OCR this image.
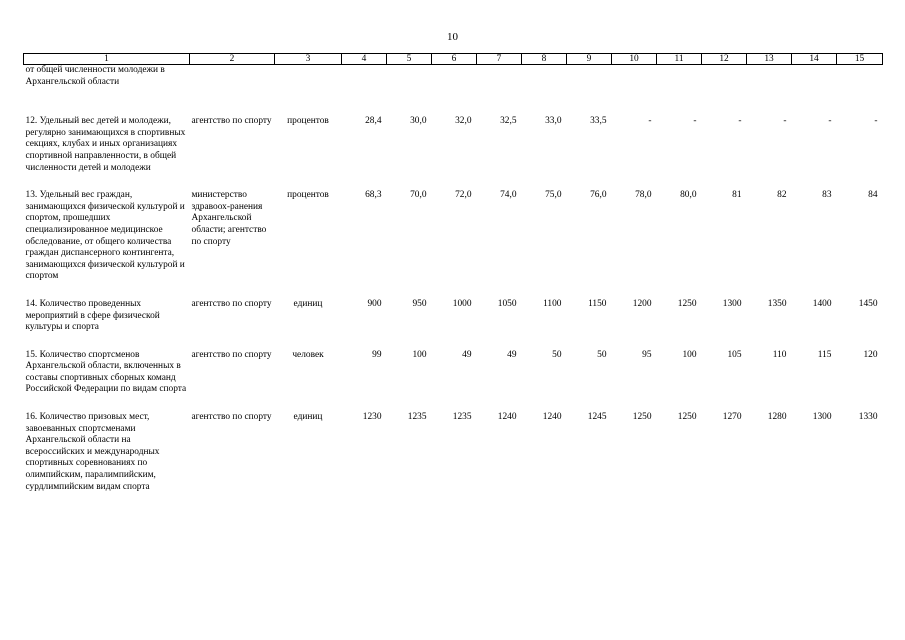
10
1	2	3	4	5	6	7	8	9	10	11	12	13	14	15
от общей численности молодежи в Архангельской области														
12. Удельный вес детей и молодежи, регулярно занимающихся в спортивных секциях, клубах и иных организациях спортивной направленности, в общей численности детей и молодежи	агентство по спорту	процентов	28,4	30,0	32,0	32,5	33,0	33,5	-	-	-	-	-	-
13. Удельный вес граждан, занимающихся физической культурой и спортом, прошедших специализированное медицинское обследование, от общего количества граждан диспансерного контингента, занимающихся физической культурой и спортом	министерство здравоох-ранения Архангельской области; агентство по спорту	процентов	68,3	70,0	72,0	74,0	75,0	76,0	78,0	80,0	81	82	83	84
14. Количество проведенных мероприятий в сфере физической культуры и спорта	агентство по спорту	единиц	900	950	1000	1050	1100	1150	1200	1250	1300	1350	1400	1450
15. Количество спортсменов Архангельской области, включенных в составы спортивных сборных команд Российской Федерации по видам спорта	агентство по спорту	человек	99	100	49	49	50	50	95	100	105	110	115	120
16. Количество призовых мест, завоеванных спортсменами Архангельской области на всероссийских и международных спортивных соревнованиях по олимпийским, паралимпийским, сурдлимпийским видам спорта	агентство по спорту	единиц	1230	1235	1235	1240	1240	1245	1250	1250	1270	1280	1300	1330
